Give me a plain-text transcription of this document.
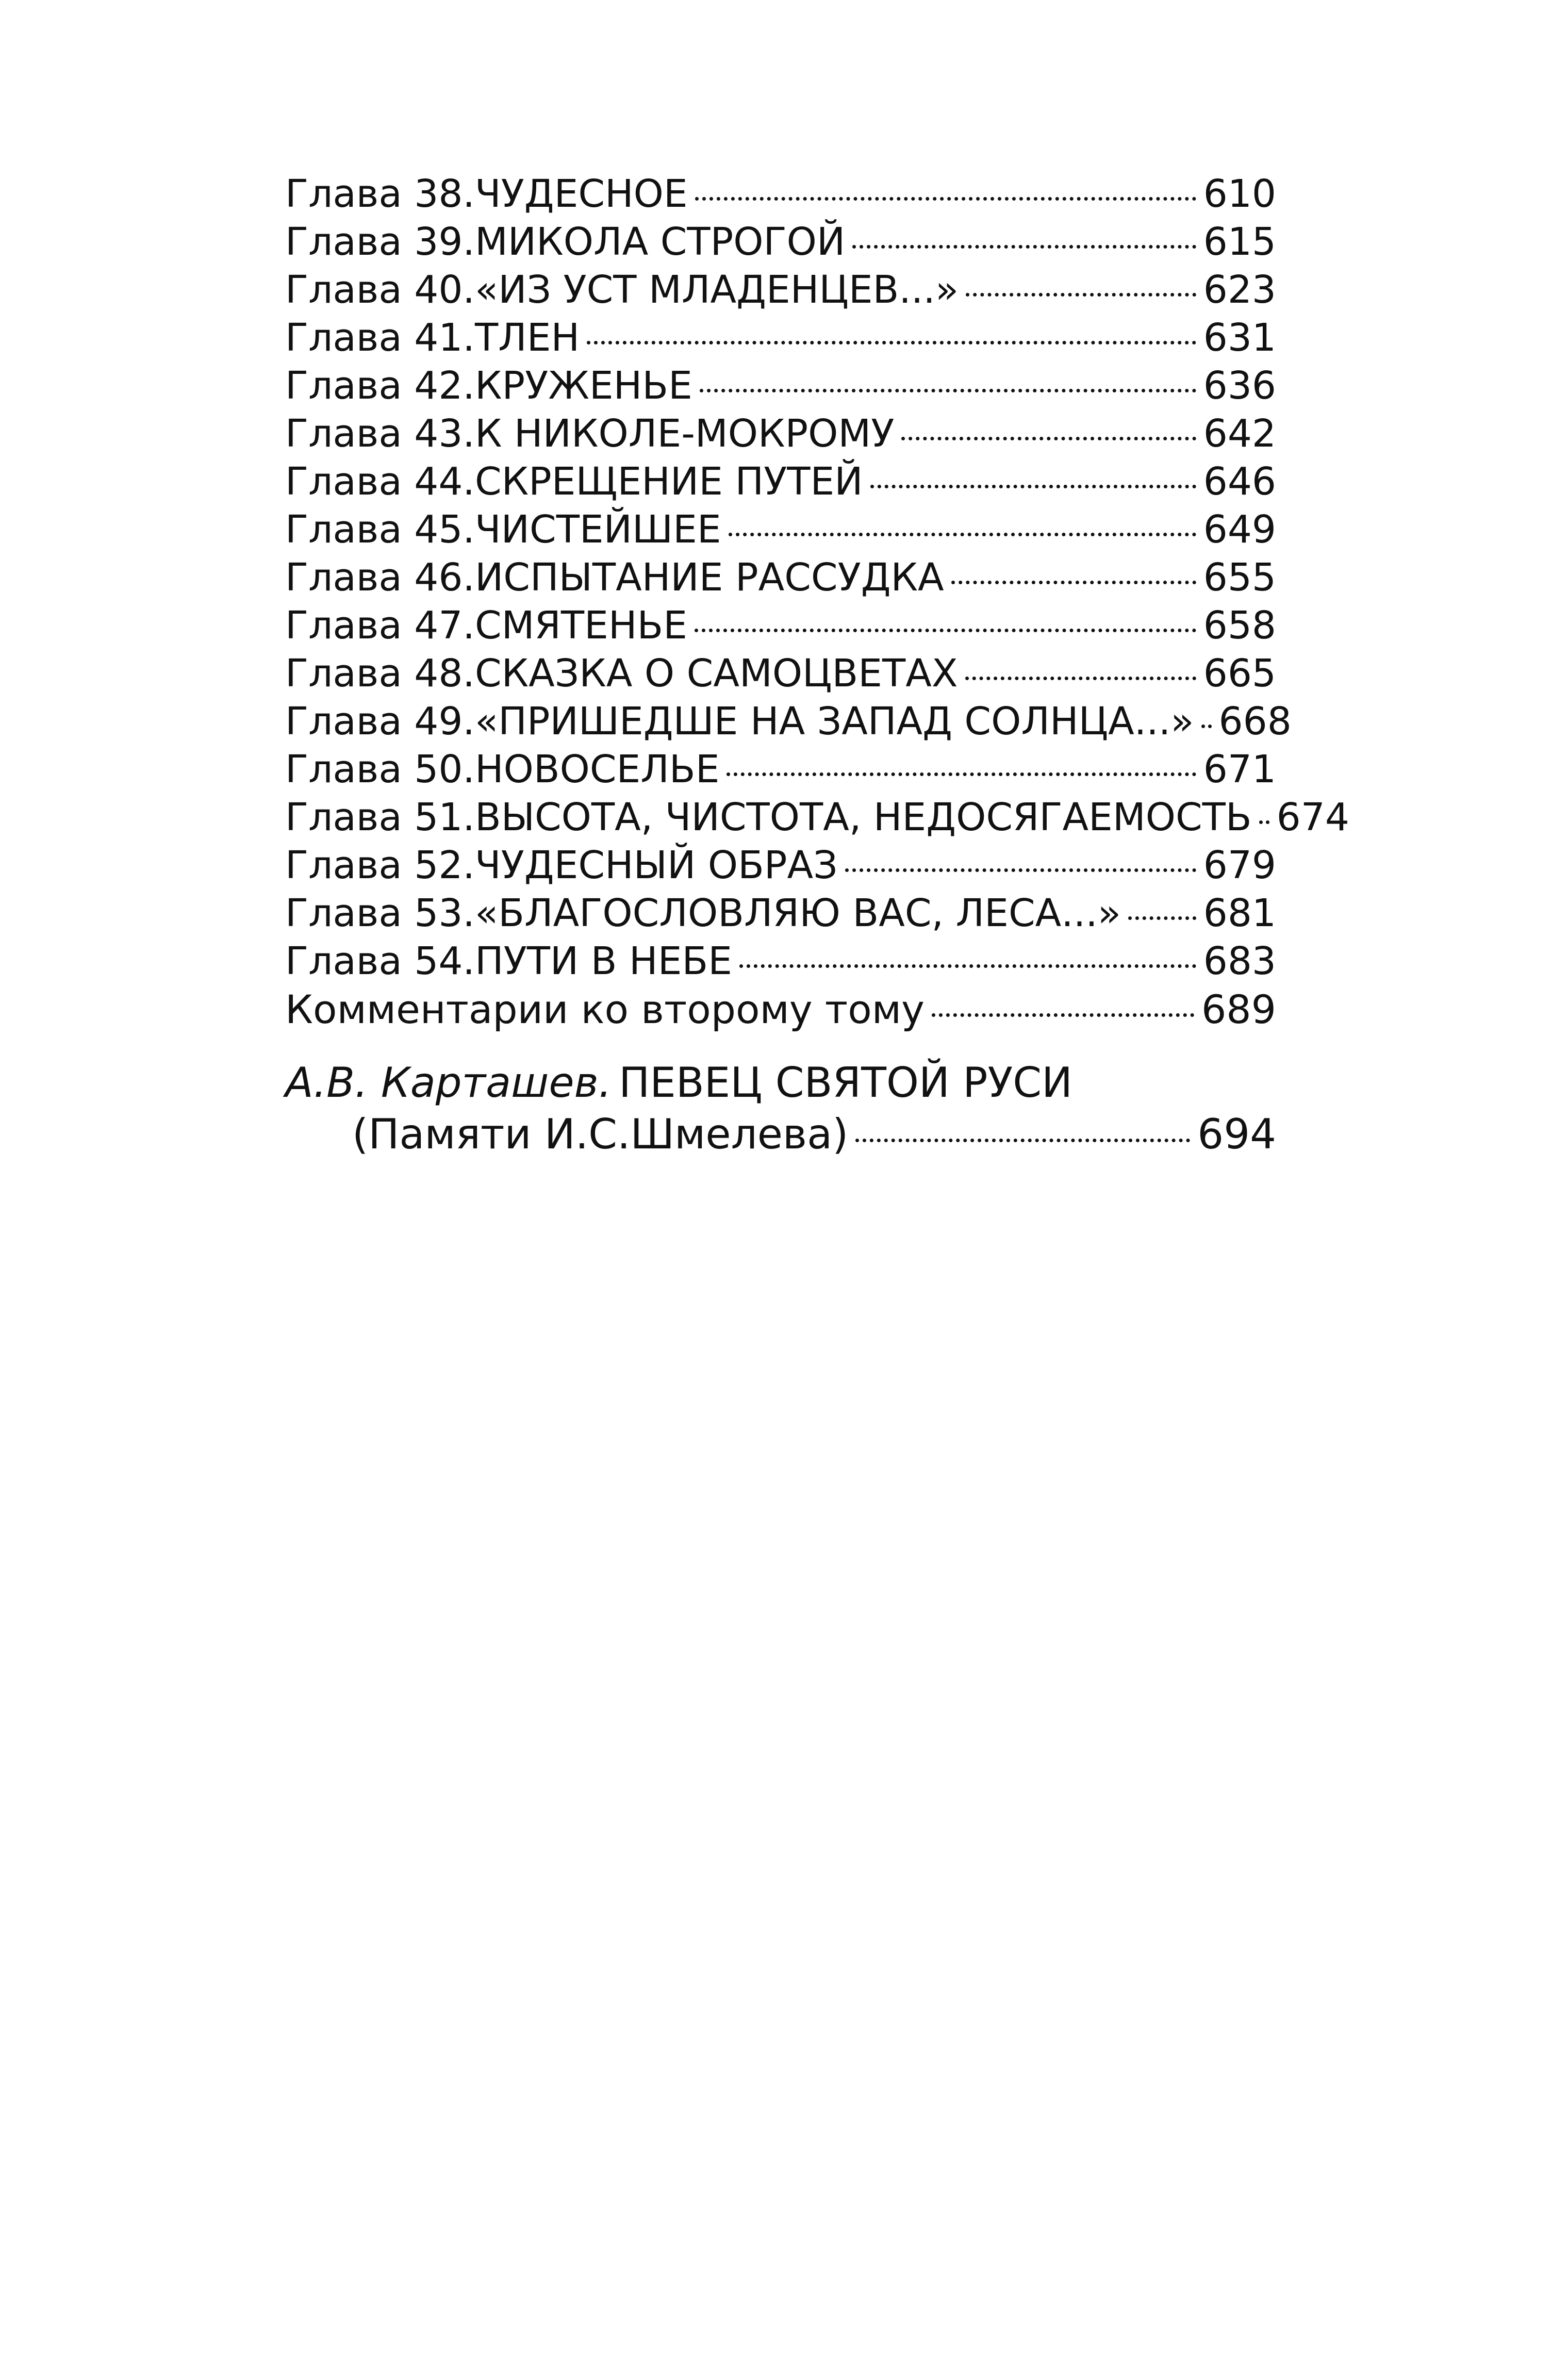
Глава 38. ЧУДЕСНОЕ	610
Глава 39. МИКОЛА СТРОГОЙ	615
Глава 40. «ИЗ УСТ МЛАДЕНЦЕВ...»	623
Глава 41. ТЛЕН	631
Глава 42. КРУЖЕНЬЕ	636
Глава 43. К НИКОЛЕ-МОКРОМУ	642
Глава 44. СКРЕЩЕНИЕ ПУТЕЙ	646
Глава 45. ЧИСТЕЙШЕЕ	649
Глава 46. ИСПЫТАНИЕ РАССУДКА	655
Глава 47. СМЯТЕНЬЕ	658
Глава 48. СКАЗКА О САМОЦВЕТАХ	665
Глава 49. «ПРИШЕДШЕ НА ЗАПАД СОЛНЦА...» 668
Глава 50. НОВОСЕЛЬЕ	671
Глава 51. ВЫСОТА, ЧИСТОТА, НЕДОСЯГАЕМОСТЬ 674
Глава 52. ЧУДЕСНЫЙ ОБРАЗ	679
Глава 53. «БЛАГОСЛОВЛЯЮ ВАС, ЛЕСА...» 681
Глава 54. ПУТИ В НЕБЕ	683
Комментарии ко второму тому	689
А.В. Карташев. ПЕВЕЦ СВЯТОЙ РУСИ
(Памяти И.С.Шмелева)	694
